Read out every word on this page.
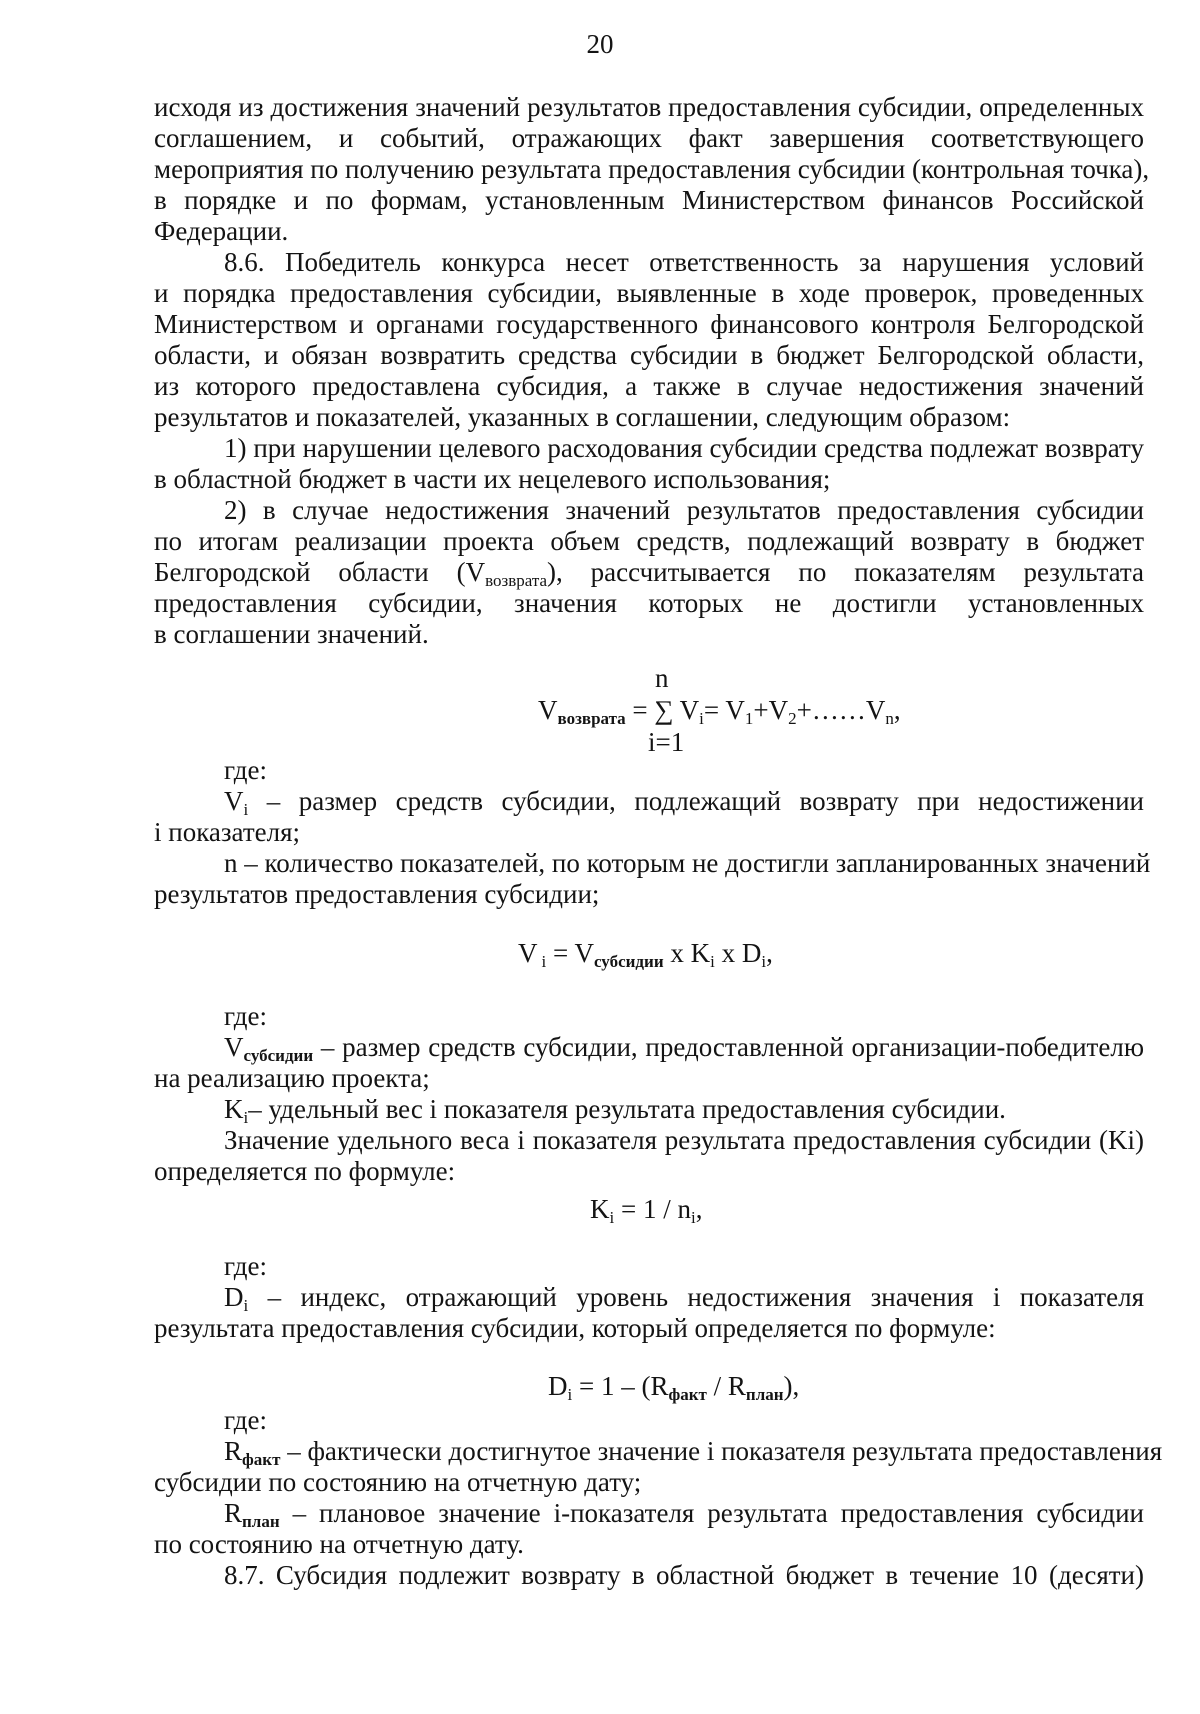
20
исходя из достижения значений результатов предоставления субсидии, определенных
соглашением, и событий, отражающих факт завершения соответствующего
мероприятия по получению результата предоставления субсидии (контрольная точка),
в порядке и по формам, установленным Министерством финансов Российской
Федерации.
8.6. Победитель конкурса несет ответственность за нарушения условий
и порядка предоставления субсидии, выявленные в ходе проверок, проведенных
Министерством и органами государственного финансового контроля Белгородской
области, и обязан возвратить средства субсидии в бюджет Белгородской области,
из которого предоставлена субсидия, а также в случае недостижения значений
результатов и показателей, указанных в соглашении, следующим образом:
1) при нарушении целевого расходования субсидии средства подлежат возврату
в областной бюджет в части их нецелевого использования;
2) в случае недостижения значений результатов предоставления субсидии
по итогам реализации проекта объем средств, подлежащий возврату в бюджет
Белгородской области $(V_{возврата})$, рассчитывается по показателям результата
предоставления субсидии, значения которых не достигли установленных
в соглашении значений.
n
$V_{возврата}$ = ∑ $V_i=$ $V_1+V_2+\dots\dots V_n$,
i=1
где:
$V_i$ – размер средств субсидии, подлежащий возврату при недостижении
i показателя;
n – количество показателей, по которым не достигли запланированных значений
результатов предоставления субсидии;
V $_i = V_{субсидии}$ x $K_i$ x $D_i$,
где:
$V_{субсидии}$ – размер средств субсидии, предоставленной организации-победителю
на реализацию проекта;
$K_i-$ удельный вес i показателя результата предоставления субсидии.
Значение удельного веса i показателя результата предоставления субсидии (Ki)
определяется по формуле:
$K_i = 1 / n_i$,
где:
$D_i$ – индекс, отражающий уровень недостижения значения i показателя
результата предоставления субсидии, который определяется по формуле:
$D_i = 1 - (R_{факт} / R_{план})$,
где:
$R_{факт}$ – фактически достигнутое значение i показателя результата предоставления
субсидии по состоянию на отчетную дату;
$R_{план}$ – плановое значение i-показателя результата предоставления субсидии
по состоянию на отчетную дату.
8.7. Субсидия подлежит возврату в областной бюджет в течение 10 (десяти)
